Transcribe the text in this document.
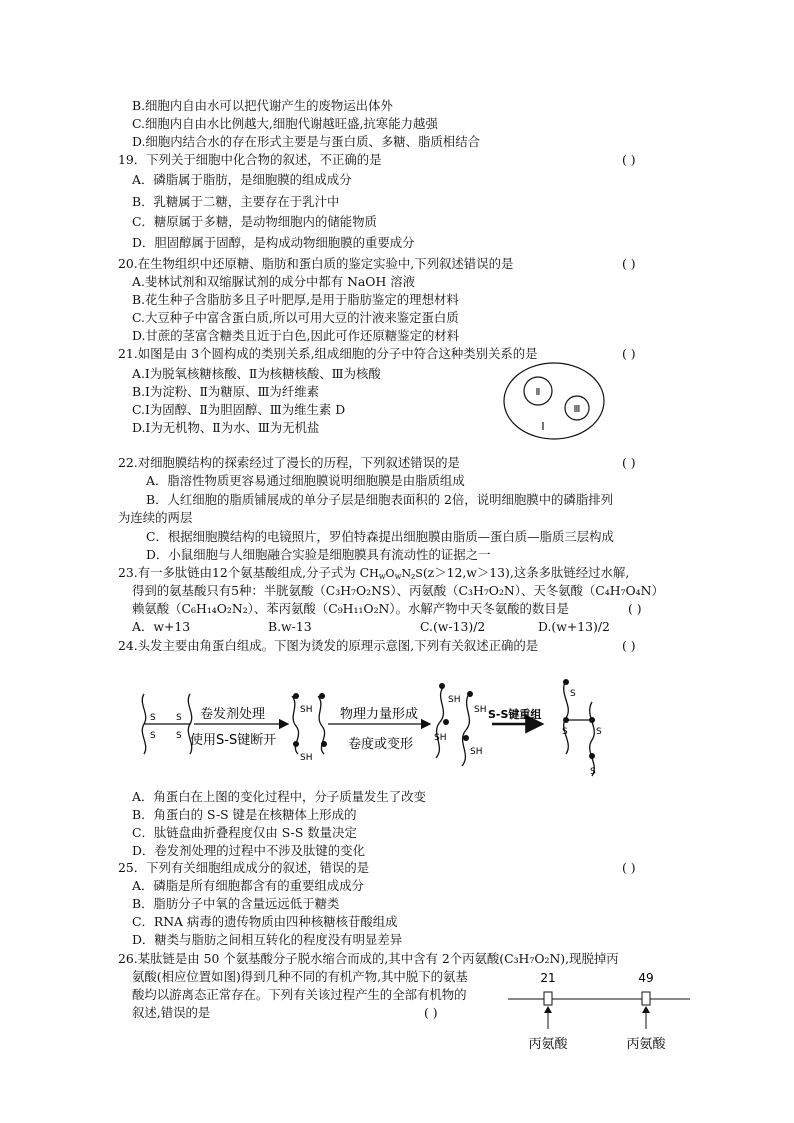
B.细胞内自由水可以把代谢产生的废物运出体外
C.细胞内自由水比例越大,细胞代谢越旺盛,抗寒能力越强
D.细胞内结合水的存在形式主要是与蛋白质、多糖、脂质相结合
19．下列关于细胞中化合物的叙述，不正确的是	( )
A．磷脂属于脂肪，是细胞膜的组成成分
B．乳糖属于二糖，主要存在于乳汁中
C．糖原属于多糖，是动物细胞内的储能物质
D．胆固醇属于固醇，是构成动物细胞膜的重要成分
20.在生物组织中还原糖、脂肪和蛋白质的鉴定实验中,下列叙述错误的是	( )
A.斐林试剂和双缩脲试剂的成分中都有 NaOH 溶液
B.花生种子含脂肪多且子叶肥厚,是用于脂肪鉴定的理想材料
C.大豆种子中富含蛋白质,所以可用大豆的汁液来鉴定蛋白质
D.甘蔗的茎富含糖类且近于白色,因此可作还原糖鉴定的材料
21.如图是由 3个圆构成的类别关系,组成细胞的分子中符合这种类别关系的是	( )
A.Ⅰ为脱氧核糖核酸、Ⅱ为核糖核酸、Ⅲ为核酸
B.Ⅰ为淀粉、Ⅱ为糖原、Ⅲ为纤维素
C.Ⅰ为固醇、Ⅱ为胆固醇、Ⅲ为维生素 D
D.Ⅰ为无机物、Ⅱ为水、Ⅲ为无机盐
Ⅱ
Ⅲ
Ⅰ
22.对细胞膜结构的探索经过了漫长的历程，下列叙述错误的是	( )
A．脂溶性物质更容易通过细胞膜说明细胞膜是由脂质组成
B．人红细胞的脂质铺展成的单分子层是细胞表面积的 2倍，说明细胞膜中的磷脂排列
为连续的两层
C．根据细胞膜结构的电镜照片，罗伯特森提出细胞膜由脂质—蛋白质—脂质三层构成
D．小鼠细胞与人细胞融合实验是细胞膜具有流动性的证据之一
23.有一多肽链由12个氨基酸组成,分子式为 $CH_wO_wN_zS(z>12,w>13)$,这条多肽链经过水解,
得到的氨基酸只有5种：半胱氨酸（C₃H₇O₂NS）、丙氨酸（C₃H₇O₂N）、天冬氨酸（C₄H₇O₄N）
赖氨酸（C₆H₁₄O₂N₂）、苯丙氨酸（C₉H₁₁O₂N）。水解产物中天冬氨酸的数目是	( )
A．w+13	B.w-13	C.(w-13)/2	D.(w+13)/2
24.头发主要由角蛋白组成。下图为烫发的原理示意图,下列有关叙述正确的是	( )
S S
S S
SH
SH
SH
SH
SH
SH
S
S	S
S
卷发剂处理
使用S-S键断开
物理力量形成
卷度或变形
S-S键重组
A．角蛋白在上图的变化过程中，分子质量发生了改变
B．角蛋白的 S-S 键是在核糖体上形成的
C．肽链盘曲折叠程度仅由 S-S 数量决定
D．卷发剂处理的过程中不涉及肽键的变化
25．下列有关细胞组成成分的叙述，错误的是	( )
A．磷脂是所有细胞都含有的重要组成成分
B．脂肪分子中氧的含量远远低于糖类
C．RNA 病毒的遗传物质由四种核糖核苷酸组成
D．糖类与脂肪之间相互转化的程度没有明显差异
26.某肽链是由 50 个氨基酸分子脱水缩合而成的,其中含有 2个丙氨酸(C₃H₇O₂N),现脱掉丙
氨酸(相应位置如图)得到几种不同的有机产物,其中脱下的氨基
酸均以游离态正常存在。下列有关该过程产生的全部有机物的
叙述,错误的是	( )
21	49
丙氨酸	丙氨酸
